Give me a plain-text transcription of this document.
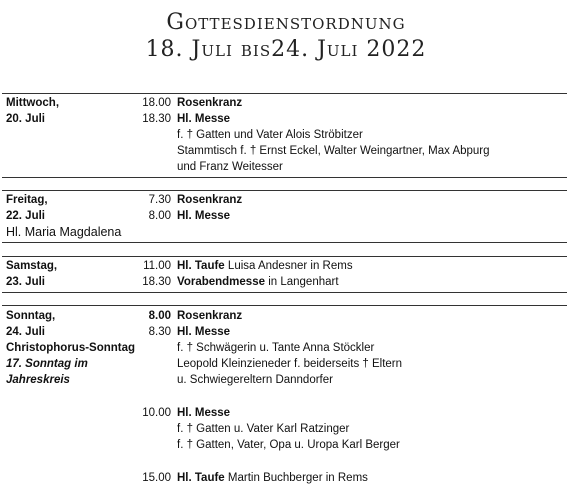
Gottesdienstordnung
18. Juli bis24. Juli 2022
Mittwoch,
20. Juli
18.00 Rosenkranz
18.30 Hl. Messe
f. † Gatten und Vater Alois Ströbitzer
Stammtisch f. † Ernst Eckel, Walter Weingartner, Max Abpurg
und Franz Weitesser
Freitag,
22. Juli
Hl. Maria Magdalena
7.30 Rosenkranz
8.00 Hl. Messe
Samstag,
23. Juli
11.00 Hl. Taufe Luisa Andesner in Rems
18.30 Vorabendmesse in Langenhart
Sonntag,
24. Juli
Christophorus-Sonntag
17. Sonntag im
Jahreskreis
8.00 Rosenkranz
8.30 Hl. Messe
f. † Schwägerin u. Tante Anna Stöckler
Leopold Kleinzieneder f. beiderseits † Eltern
u. Schwiegereltern Danndorfer
10.00 Hl. Messe
f. † Gatten u. Vater Karl Ratzinger
f. † Gatten, Vater, Opa u. Uropa Karl Berger
15.00 Hl. Taufe Martin Buchberger in Rems
